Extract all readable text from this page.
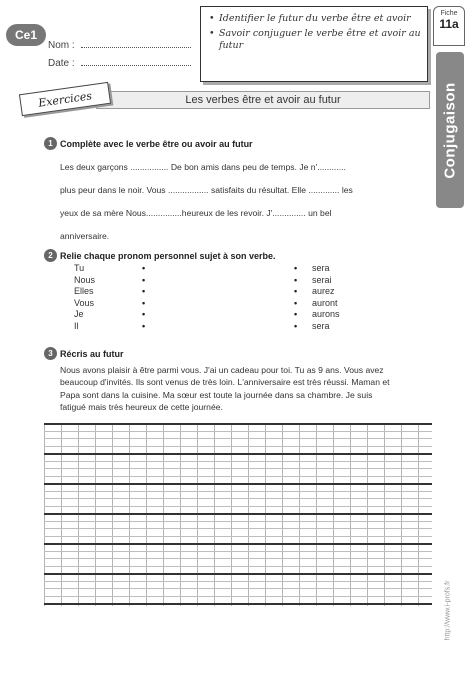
Ce1
Nom :
Date :
• Identifier le futur du verbe être et avoir
• Savoir conjuguer le verbe être et avoir au futur
Fiche
11a
Conjugaison
http://www.i-profs.fr
Exercices	Les verbes être et avoir au futur
1 Complète avec le verbe être ou avoir au futur

Les deux garçons ................ De bon amis dans peu de temps. Je n'............

plus peur dans le noir. Vous ................. satisfaits du résultat. Elle ............. les

yeux de sa mère Nous...............heureux de les revoir. J'.............. un bel

anniversaire.

2 Relie chaque pronom personnel sujet à son verbe.
Tu
Nous
Elles
Vous
Je
Il
•
•
•
•
•
•
•
•
•
•
•
•
sera
serai
aurez
auront
aurons
sera
3 Récris au futur
Nous avons plaisir à être parmi vous. J'ai un cadeau pour toi. Tu as 9 ans. Vous avez beaucoup d'invités. Ils sont venus de très loin. L'anniversaire est très réussi. Maman et Papa sont dans la cuisine. Ma sœur est toute la journée dans sa chambre. Je suis fatigué mais très heureux de cette journée.
